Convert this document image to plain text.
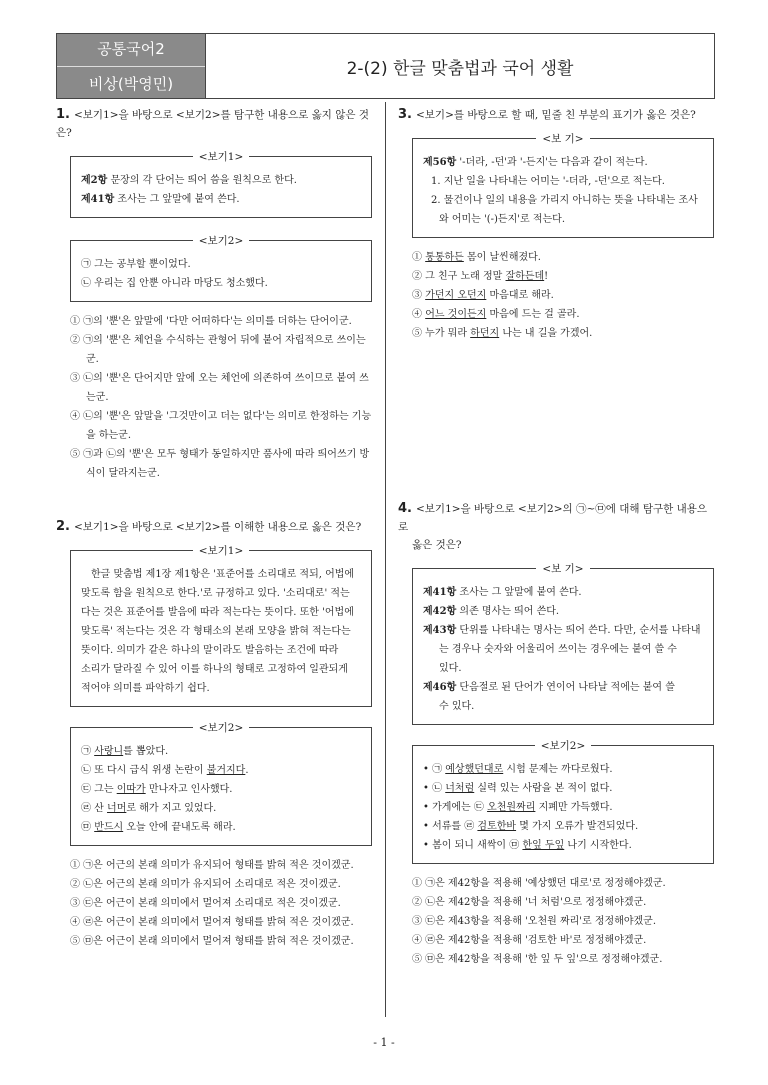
공통국어2
비상(박영민)
2-(2) 한글 맞춤법과 국어 생활
1. <보기1>을 바탕으로 <보기2>를 탐구한 내용으로 옳지 않은 것은?
<보기1>
제2항 문장의 각 단어는 띄어 씀을 원칙으로 한다.
제41항 조사는 그 앞말에 붙여 쓴다.
<보기2>
㉠ 그는 공부할 뿐이었다.
㉡ 우리는 집 안뿐 아니라 마당도 청소했다.
① ㉠의 '뿐'은 앞말에 '다만 어떠하다'는 의미를 더하는 단어이군.
② ㉠의 '뿐'은 체언을 수식하는 관형어 뒤에 붙어 자립적으로 쓰이는군.
③ ㉡의 '뿐'은 단어지만 앞에 오는 체언에 의존하여 쓰이므로 붙여 쓰는군.
④ ㉡의 '뿐'은 앞말을 '그것만이고 더는 없다'는 의미로 한정하는 기능을 하는군.
⑤ ㉠과 ㉡의 '뿐'은 모두 형태가 동일하지만 품사에 따라 띄어쓰기 방식이 달라지는군.
2. <보기1>을 바탕으로 <보기2>를 이해한 내용으로 옳은 것은?
<보기1>
한글 맞춤법 제1장 제1항은 '표준어를 소리대로 적되, 어법에
맞도록 함을 원칙으로 한다.'로 규정하고 있다. '소리대로' 적는
다는 것은 표준어를 발음에 따라 적는다는 뜻이다. 또한 '어법에
맞도록' 적는다는 것은 각 형태소의 본래 모양을 밝혀 적는다는
뜻이다. 의미가 같은 하나의 말이라도 발음하는 조건에 따라
소리가 달라질 수 있어 이를 하나의 형태로 고정하여 일관되게
적어야 의미를 파악하기 쉽다.
<보기2>
㉠ 사랑니를 뽑았다.
㉡ 또 다시 급식 위생 논란이 불거지다.
㉢ 그는 이따가 만나자고 인사했다.
㉣ 산 너머로 해가 지고 있었다.
㉤ 반드시 오늘 안에 끝내도록 해라.
① ㉠은 어근의 본래 의미가 유지되어 형태를 밝혀 적은 것이겠군.
② ㉡은 어근의 본래 의미가 유지되어 소리대로 적은 것이겠군.
③ ㉢은 어근이 본래 의미에서 멀어져 소리대로 적은 것이겠군.
④ ㉣은 어근이 본래 의미에서 멀어져 형태를 밝혀 적은 것이겠군.
⑤ ㉤은 어근이 본래 의미에서 멀어져 형태를 밝혀 적은 것이겠군.
3. <보기>를 바탕으로 할 때, 밑줄 친 부분의 표기가 옳은 것은?
<보 기>
제56항 '-더라, -던'과 '-든지'는 다음과 같이 적는다.
1. 지난 일을 나타내는 어미는 '-더라, -던'으로 적는다.
2. 물건이나 일의 내용을 가리지 아니하는 뜻을 나타내는 조사
와 어미는 '(-)든지'로 적는다.
① 통통하든 몸이 날씬해졌다.
② 그 친구 노래 정말 잘하든데!
③ 가던지 오던지 마음대로 해라.
④ 어느 것이든지 마음에 드는 걸 골라.
⑤ 누가 뭐라 하던지 나는 내 길을 가겠어.
4. <보기1>을 바탕으로 <보기2>의 ㉠~㉤에 대해 탐구한 내용으로
옳은 것은?
<보 기>
제41항 조사는 그 앞말에 붙여 쓴다.
제42항 의존 명사는 띄어 쓴다.
제43항 단위를 나타내는 명사는 띄어 쓴다. 다만, 순서를 나타내
는 경우나 숫자와 어울리어 쓰이는 경우에는 붙여 쓸 수
있다.
제46항 단음절로 된 단어가 연이어 나타날 적에는 붙여 쓸
수 있다.
<보기2>
• ㉠ 예상했던대로 시험 문제는 까다로웠다.
• ㉡ 너처럼 실력 있는 사람을 본 적이 없다.
• 가게에는 ㉢ 오천원짜리 지폐만 가득했다.
• 서류를 ㉣ 검토한바 몇 가지 오류가 발견되었다.
• 봄이 되니 새싹이 ㉤ 한잎 두잎 나기 시작한다.
① ㉠은 제42항을 적용해 '예상했던 대로'로 정정해야겠군.
② ㉡은 제42항을 적용해 '너 처럼'으로 정정해야겠군.
③ ㉢은 제43항을 적용해 '오천원 짜리'로 정정해야겠군.
④ ㉣은 제42항을 적용해 '검토한 바'로 정정해야겠군.
⑤ ㉤은 제42항을 적용해 '한 잎 두 잎'으로 정정해야겠군.
- 1 -
